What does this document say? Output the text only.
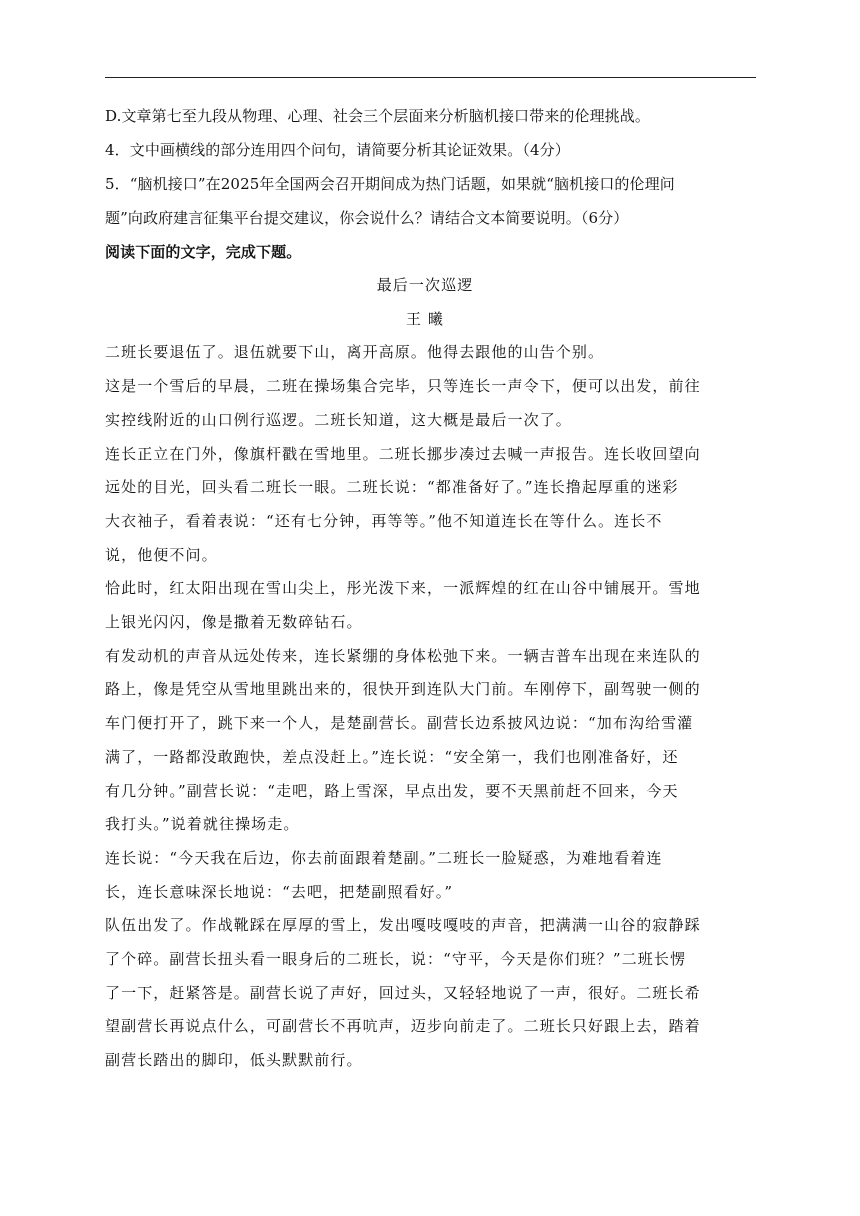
D.文章第七至九段从物理、心理、社会三个层面来分析脑机接口带来的伦理挑战。
4．文中画横线的部分连用四个问句，请简要分析其论证效果。（4分）
5．“脑机接口”在2025年全国两会召开期间成为热门话题，如果就“脑机接口的伦理问
题”向政府建言征集平台提交建议，你会说什么？请结合文本简要说明。（6分）
阅读下面的文字，完成下题。
最后一次巡逻
王 曦
二班长要退伍了。退伍就要下山，离开高原。他得去跟他的山告个别。
这是一个雪后的早晨，二班在操场集合完毕，只等连长一声令下，便可以出发，前往
实控线附近的山口例行巡逻。二班长知道，这大概是最后一次了。
连长正立在门外，像旗杆戳在雪地里。二班长挪步凑过去喊一声报告。连长收回望向
远处的目光，回头看二班长一眼。二班长说：“都准备好了。”连长撸起厚重的迷彩
大衣袖子，看着表说：“还有七分钟，再等等。”他不知道连长在等什么。连长不
说，他便不问。
恰此时，红太阳出现在雪山尖上，彤光泼下来，一派辉煌的红在山谷中铺展开。雪地
上银光闪闪，像是撒着无数碎钻石。
有发动机的声音从远处传来，连长紧绷的身体松弛下来。一辆吉普车出现在来连队的
路上，像是凭空从雪地里跳出来的，很快开到连队大门前。车刚停下，副驾驶一侧的
车门便打开了，跳下来一个人，是楚副营长。副营长边系披风边说：“加布沟给雪灌
满了，一路都没敢跑快，差点没赶上。”连长说：“安全第一，我们也刚准备好，还
有几分钟。”副营长说：“走吧，路上雪深，早点出发，要不天黑前赶不回来，今天
我打头。”说着就往操场走。
连长说：“今天我在后边，你去前面跟着楚副。”二班长一脸疑惑，为难地看着连
长，连长意味深长地说：“去吧，把楚副照看好。”
队伍出发了。作战靴踩在厚厚的雪上，发出嘎吱嘎吱的声音，把满满一山谷的寂静踩
了个碎。副营长扭头看一眼身后的二班长，说：“守平，今天是你们班？”二班长愣
了一下，赶紧答是。副营长说了声好，回过头，又轻轻地说了一声，很好。二班长希
望副营长再说点什么，可副营长不再吭声，迈步向前走了。二班长只好跟上去，踏着
副营长踏出的脚印，低头默默前行。
